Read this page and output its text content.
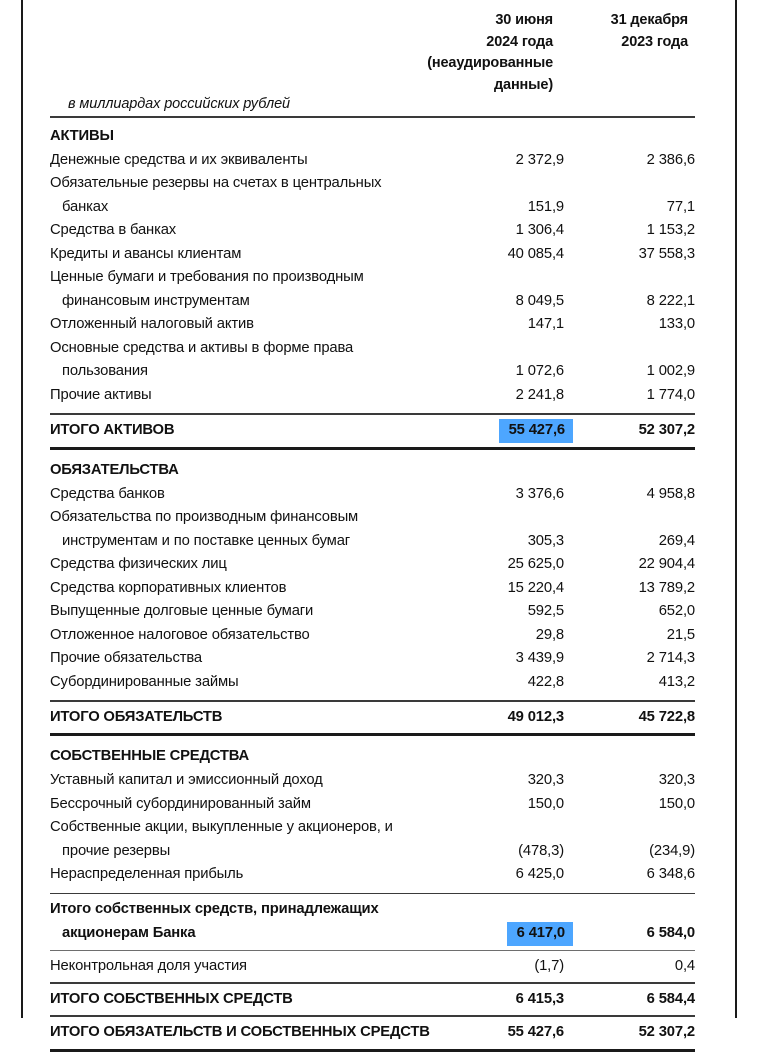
30 июня
2024 года
(неаудированные
данные)
31 декабря
2023 года
в миллиардах российских рублей
АКТИВЫ		
Денежные средства и их эквиваленты	2 372,9	2 386,6
Обязательные резервы на счетах в центральных		
банках	151,9	77,1
Средства в банках	1 306,4	1 153,2
Кредиты и авансы клиентам	40 085,4	37 558,3
Ценные бумаги и требования по производным		
финансовым инструментам	8 049,5	8 222,1
Отложенный налоговый актив	147,1	133,0
Основные средства и активы в форме права		
пользования	1 072,6	1 002,9
Прочие активы	2 241,8	1 774,0
ИТОГО АКТИВОВ	55 427,6	52 307,2
ОБЯЗАТЕЛЬСТВА		
Средства банков	3 376,6	4 958,8
Обязательства по производным финансовым		
инструментам и по поставке ценных бумаг	305,3	269,4
Средства физических лиц	25 625,0	22 904,4
Средства корпоративных клиентов	15 220,4	13 789,2
Выпущенные долговые ценные бумаги	592,5	652,0
Отложенное налоговое обязательство	29,8	21,5
Прочие обязательства	3 439,9	2 714,3
Субординированные займы	422,8	413,2
ИТОГО ОБЯЗАТЕЛЬСТВ	49 012,3	45 722,8
СОБСТВЕННЫЕ СРЕДСТВА		
Уставный капитал и эмиссионный доход	320,3	320,3
Бессрочный субординированный займ	150,0	150,0
Собственные акции, выкупленные у акционеров, и		
прочие резервы	(478,3)	(234,9)
Нераспределенная прибыль	6 425,0	6 348,6
Итого собственных средств, принадлежащих
акционерам Банка	6 417,0	6 584,0
Неконтрольная доля участия	(1,7)	0,4
ИТОГО СОБСТВЕННЫХ СРЕДСТВ	6 415,3	6 584,4
ИТОГО ОБЯЗАТЕЛЬСТВ И СОБСТВЕННЫХ СРЕДСТВ	55 427,6	52 307,2
